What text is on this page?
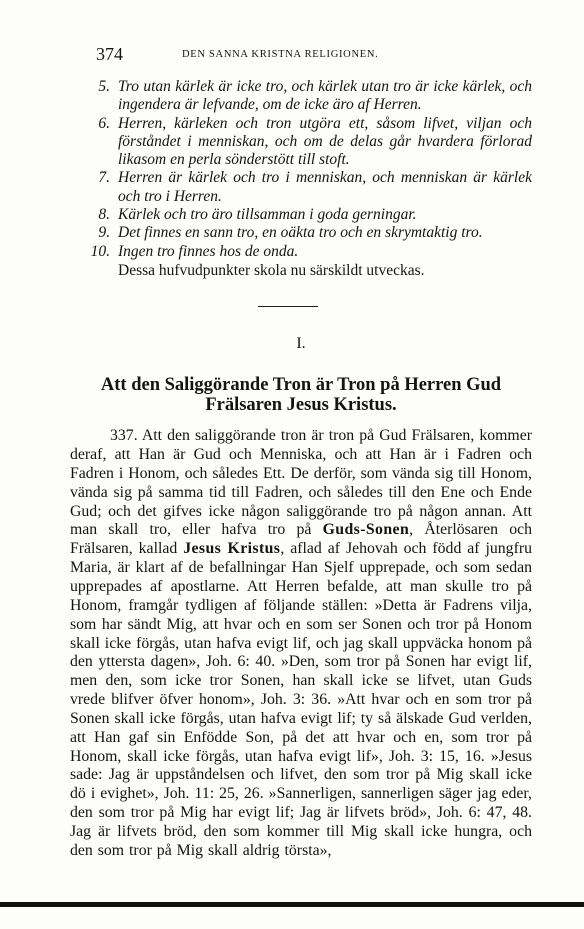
374	DEN SANNA KRISTNA RELIGIONEN.
5. Tro utan kärlek är icke tro, och kärlek utan tro är icke kärlek, och ingendera är lefvande, om de icke äro af Herren.
6. Herren, kärleken och tron utgöra ett, såsom lifvet, viljan och förståndet i menniskan, och om de delas går hvardera förlorad likasom en perla sönderstött till stoft.
7. Herren är kärlek och tro i menniskan, och menniskan är kärlek och tro i Herren.
8. Kärlek och tro äro tillsamman i goda gerningar.
9. Det finnes en sann tro, en oäkta tro och en skrymtaktig tro.
10. Ingen tro finnes hos de onda.
Dessa hufvudpunkter skola nu särskildt utveckas.
I.
Att den Saliggörande Tron är Tron på Herren Gud
Frälsaren Jesus Kristus.

337. Att den saliggörande tron är tron på Gud Frälsaren, kommer deraf, att Han är Gud och Menniska, och att Han är i Fadren och Fadren i Honom, och således Ett. De derför, som vända sig till Honom, vända sig på samma tid till Fadren, och således till den Ene och Ende Gud; och det gifves icke någon saliggörande tro på någon annan. Att man skall tro, eller hafva tro på Guds-Sonen, Återlösaren och Frälsaren, kallad Jesus Kristus, aflad af Jehovah och född af jungfru Maria, är klart af de befallningar Han Sjelf upprepade, och som sedan upprepades af apostlarne. Att Herren befalde, att man skulle tro på Honom, framgår tydligen af följande ställen: »Detta är Fadrens vilja, som har sändt Mig, att hvar och en som ser Sonen och tror på Honom skall icke förgås, utan hafva evigt lif, och jag skall uppväcka honom på den yttersta dagen», Joh. 6: 40. »Den, som tror på Sonen har evigt lif, men den, som icke tror Sonen, han skall icke se lifvet, utan Guds vrede blifver öfver honom», Joh. 3: 36. »Att hvar och en som tror på Sonen skall icke förgås, utan hafva evigt lif; ty så älskade Gud verlden, att Han gaf sin Enfödde Son, på det att hvar och en, som tror på Honom, skall icke förgås, utan hafva evigt lif», Joh. 3: 15, 16. »Jesus sade: Jag är uppståndelsen och lifvet, den som tror på Mig skall icke dö i evighet», Joh. 11: 25, 26. »Sannerligen, sannerligen säger jag eder, den som tror på Mig har evigt lif; Jag är lifvets bröd», Joh. 6: 47, 48. Jag är lifvets bröd, den som kommer till Mig skall icke hungra, och den som tror på Mig skall aldrig törsta»,
